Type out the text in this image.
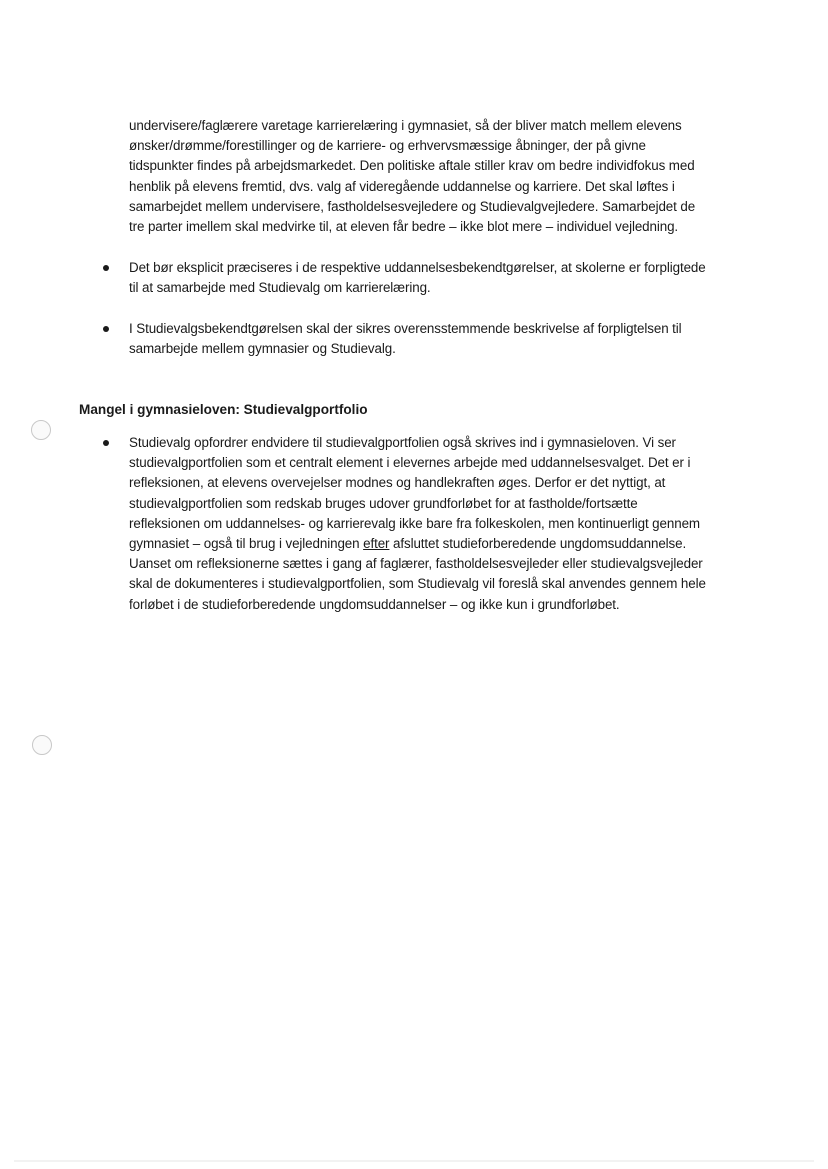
undervisere/faglærere varetage karrierelæring i gymnasiet, så der bliver match mellem elevens
ønsker/drømme/forestillinger og de karriere- og erhvervsmæssige åbninger, der på givne
tidspunkter findes på arbejdsmarkedet. Den politiske aftale stiller krav om bedre individfokus med
henblik på elevens fremtid, dvs. valg af videregående uddannelse og karriere. Det skal løftes i
samarbejdet mellem undervisere, fastholdelsesvejledere og Studievalgvejledere. Samarbejdet de
tre parter imellem skal medvirke til, at eleven får bedre – ikke blot mere – individuel vejledning.
Det bør eksplicit præciseres i de respektive uddannelsesbekendtgørelser, at skolerne er forpligtede
til at samarbejde med Studievalg om karrierelæring.
I Studievalgsbekendtgørelsen skal der sikres overensstemmende beskrivelse af forpligtelsen til
samarbejde mellem gymnasier og Studievalg.
Mangel i gymnasieloven: Studievalgportfolio
Studievalg opfordrer endvidere til studievalgportfolien også skrives ind i gymnasieloven. Vi ser
studievalgportfolien som et centralt element i elevernes arbejde med uddannelsesvalget. Det er i
refleksionen, at elevens overvejelser modnes og handlekraften øges. Derfor er det nyttigt, at
studievalgportfolien som redskab bruges udover grundforløbet for at fastholde/fortsætte
refleksionen om uddannelses- og karrierevalg ikke bare fra folkeskolen, men kontinuerligt gennem
gymnasiet – også til brug i vejledningen efter afsluttet studieforberedende ungdomsuddannelse.
Uanset om refleksionerne sættes i gang af faglærer, fastholdelsesvejleder eller studievalgsvejleder
skal de dokumenteres i studievalgportfolien, som Studievalg vil foreslå skal anvendes gennem hele
forløbet i de studieforberedende ungdomsuddannelser – og ikke kun i grundforløbet.
